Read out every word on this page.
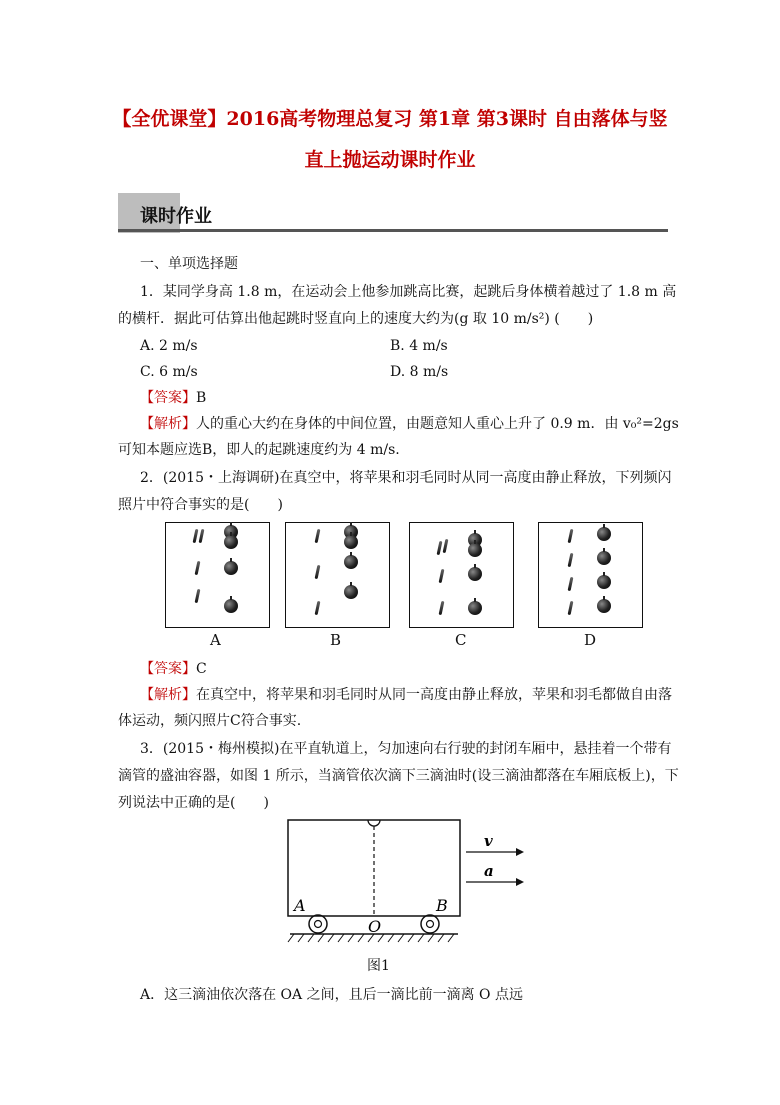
【全优课堂】2016高考物理总复习 第1章 第3课时 自由落体与竖
直上抛运动课时作业
课时作业
一、单项选择题
1．某同学身高 1.8 m，在运动会上他参加跳高比赛，起跳后身体横着越过了 1.8 m 高
的横杆．据此可估算出他起跳时竖直向上的速度大约为(g 取 10 m/s²) (　　)
A. 2 m/s	B. 4 m/s
C. 6 m/s	D. 8 m/s
【答案】B
【解析】人的重心大约在身体的中间位置，由题意知人重心上升了 0.9 m．由 v₀²=2gs
可知本题应选B，即人的起跳速度约为 4 m/s.
2．(2015・上海调研)在真空中，将苹果和羽毛同时从同一高度由静止释放，下列频闪
照片中符合事实的是(　　)
A	B	C	D
【答案】C
【解析】在真空中，将苹果和羽毛同时从同一高度由静止释放，苹果和羽毛都做自由落
体运动，频闪照片C符合事实.
3．(2015・梅州模拟)在平直轨道上，匀加速向右行驶的封闭车厢中，悬挂着一个带有
滴管的盛油容器，如图 1 所示，当滴管依次滴下三滴油时(设三滴油都落在车厢底板上)，下
列说法中正确的是(　　)
v
a
A	B
O
图1
A．这三滴油依次落在 OA 之间，且后一滴比前一滴离 O 点远
